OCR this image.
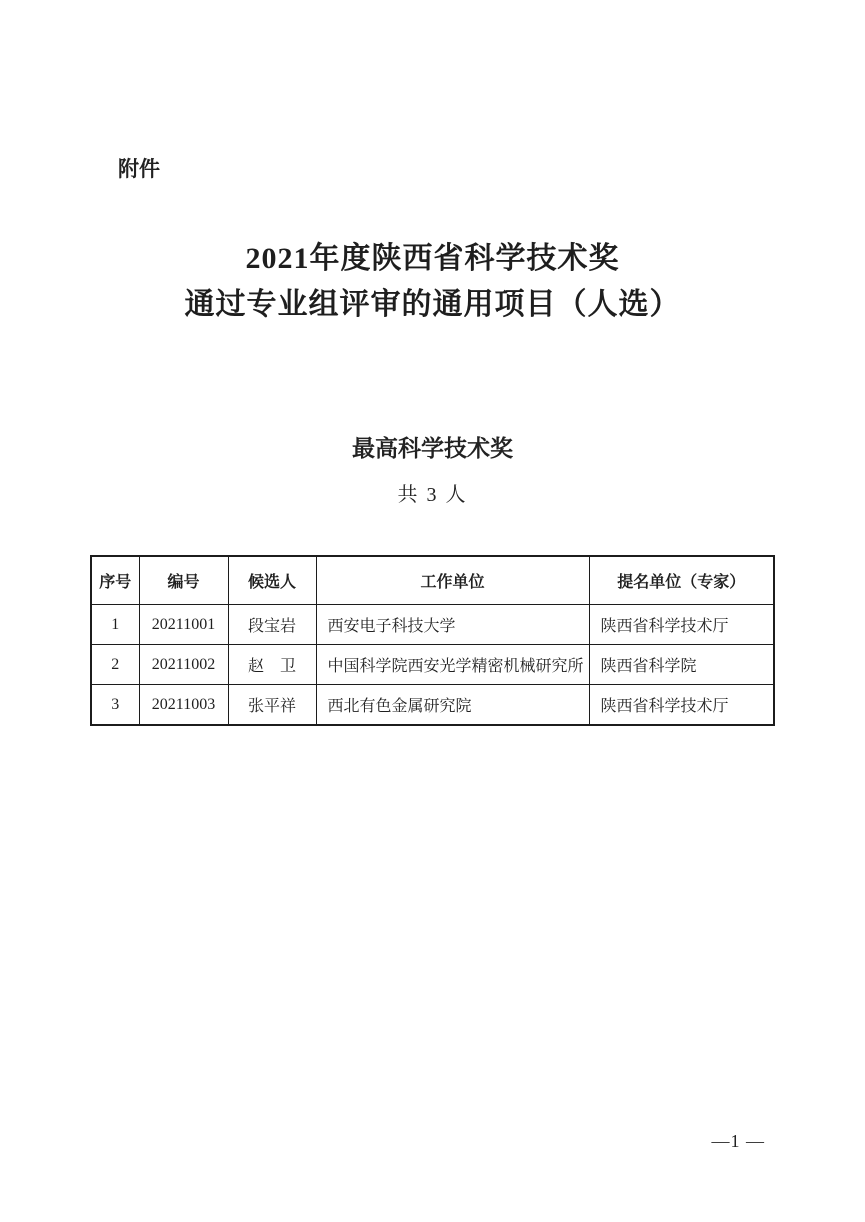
附件
2021年度陕西省科学技术奖
通过专业组评审的通用项目（人选）
最高科学技术奖
共 3 人
序号	编号	候选人	工作单位	提名单位（专家）
1	20211001	段宝岩	西安电子科技大学	陕西省科学技术厅
2	20211002	赵　卫	中国科学院西安光学精密机械研究所	陕西省科学院
3	20211003	张平祥	西北有色金属研究院	陕西省科学技术厅
—1 —
